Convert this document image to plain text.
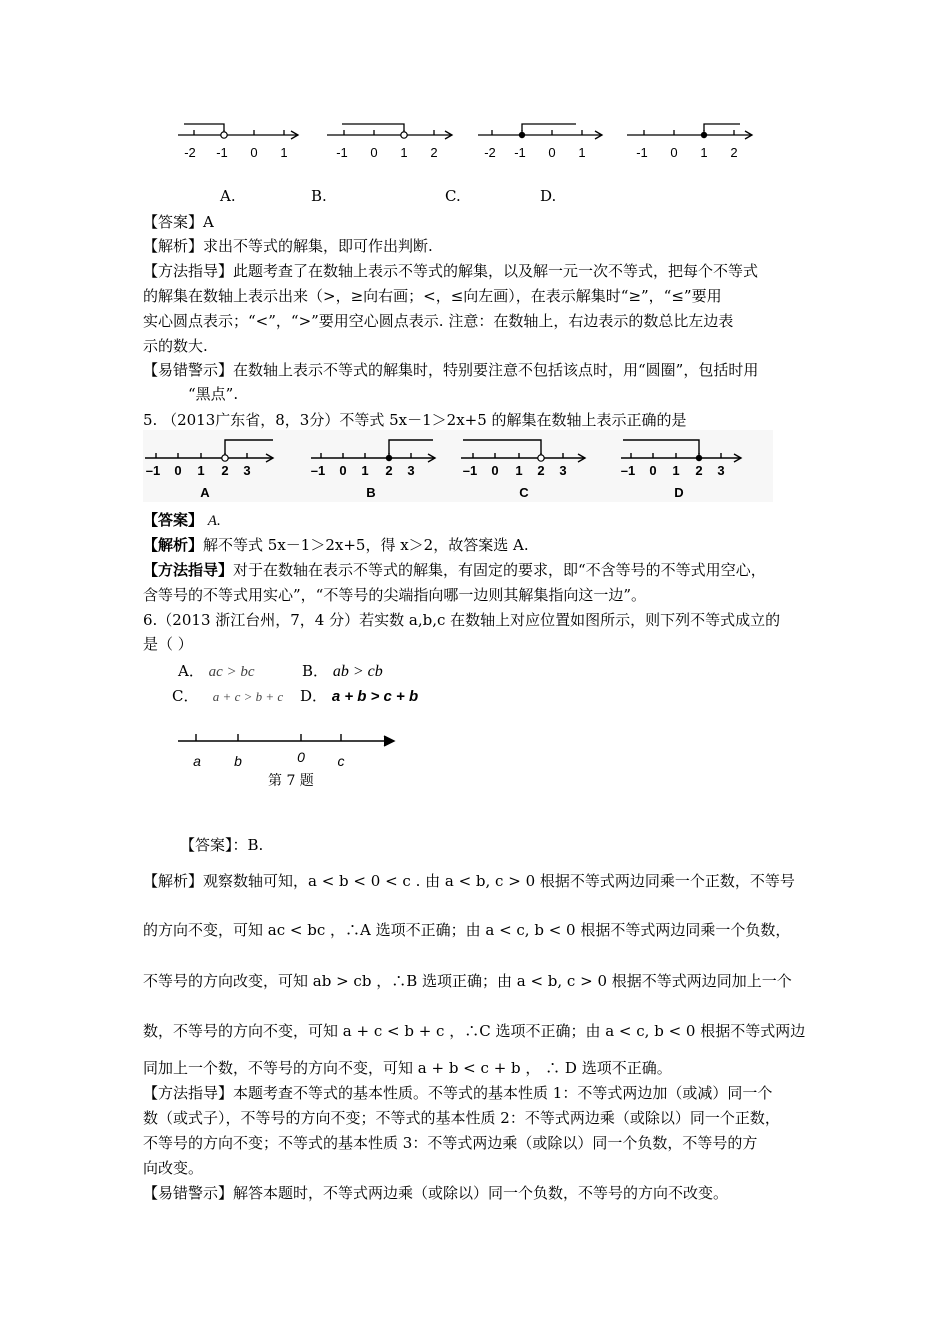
-2 -1 0 1	-1 0 1 2	-2 -1 0 1	-1 0 1 2
A.	B.	C.	D.
【答案】A
【解析】求出不等式的解集，即可作出判断.
【方法指导】此题考查了在数轴上表示不等式的解集，以及解一元一次不等式，把每个不等式
的解集在数轴上表示出来（>，≥向右画；<，≤向左画），在表示解集时“≥”，“≤”要用
实心圆点表示；“<”，“>”要用空心圆点表示. 注意：在数轴上，右边表示的数总比左边表
示的数大.
【易错警示】在数轴上表示不等式的解集时，特别要注意不包括该点时，用“圆圈”，包括时用
“黑点”.
5. （2013广东省，8，3分）不等式 5x－1＞2x+5 的解集在数轴上表示正确的是
–1 0 1 2 3
A
–1 0 1 2 3
B
–1 0 1 2 3
C
–1 0 1 2 3
D
【答案】 A.
【解析】解不等式 5x－1＞2x+5，得 x＞2，故答案选 A.
【方法指导】对于在数轴在表示不等式的解集，有固定的要求，即“不含等号的不等式用空心，
含等号的不等式用实心”，“不等号的尖端指向哪一边则其解集指向这一边”。
6.（2013 浙江台州，7，4 分）若实数 a,b,c 在数轴上对应位置如图所示，则下列不等式成立的
是（ ）
A． ac > bc	B． ab > cb
C． a + c > b + c D． a + b > c + b
a b	0 c
第 7 题
【答案】：B.
【解析】观察数轴可知，a < b < 0 < c . 由 a < b, c > 0 根据不等式两边同乘一个正数，不等号
的方向不变，可知 ac < bc ，∴A 选项不正确；由 a < c, b < 0 根据不等式两边同乘一个负数，
不等号的方向改变，可知 ab > cb ，∴B 选项正确；由 a < b, c > 0 根据不等式两边同加上一个
数，不等号的方向不变，可知 a + c < b + c ，∴C 选项不正确；由 a < c, b < 0 根据不等式两边
同加上一个数，不等号的方向不变，可知 a + b < c + b ， ∴ D 选项不正确。
【方法指导】本题考查不等式的基本性质。不等式的基本性质 1：不等式两边加（或减）同一个
数（或式子），不等号的方向不变；不等式的基本性质 2：不等式两边乘（或除以）同一个正数，
不等号的方向不变；不等式的基本性质 3：不等式两边乘（或除以）同一个负数，不等号的方
向改变。
【易错警示】解答本题时，不等式两边乘（或除以）同一个负数，不等号的方向不改变。
